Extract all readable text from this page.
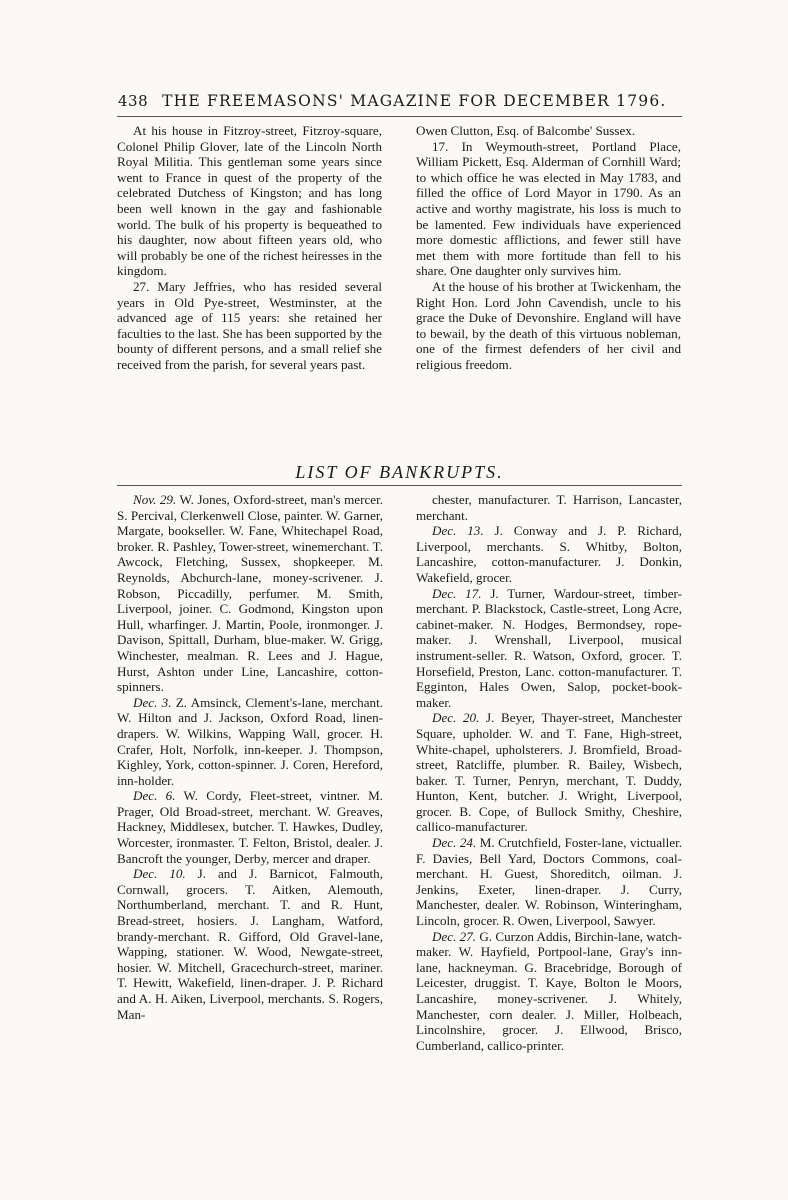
438 THE FREEMASONS' MAGAZINE FOR DECEMBER 1796.

At his house in Fitzroy-street, Fitzroy-square, Colonel Philip Glover, late of the Lincoln North Royal Militia. This gentleman some years since went to France in quest of the property of the celebrated Dutchess of Kingston; and has long been well known in the gay and fashionable world. The bulk of his property is bequeathed to his daughter, now about fifteen years old, who will probably be one of the richest heiresses in the kingdom.

27. Mary Jeffries, who has resided several years in Old Pye-street, Westminster, at the advanced age of 115 years: she retained her faculties to the last. She has been supported by the bounty of different persons, and a small relief she received from the parish, for several years past.

Owen Clutton, Esq. of Balcombe' Sussex.

17. In Weymouth-street, Portland Place, William Pickett, Esq. Alderman of Cornhill Ward; to which office he was elected in May 1783, and filled the office of Lord Mayor in 1790. As an active and worthy magistrate, his loss is much to be lamented. Few individuals have experienced more domestic afflictions, and fewer still have met them with more fortitude than fell to his share. One daughter only survives him.

At the house of his brother at Twickenham, the Right Hon. Lord John Cavendish, uncle to his grace the Duke of Devonshire. England will have to bewail, by the death of this virtuous nobleman, one of the firmest defenders of her civil and religious freedom.

LIST OF BANKRUPTS.

Nov. 29. W. Jones, Oxford-street, man's mercer. S. Percival, Clerkenwell Close, painter. W. Garner, Margate, bookseller. W. Fane, Whitechapel Road, broker. R. Pashley, Tower-street, winemerchant. T. Awcock, Fletching, Sussex, shopkeeper. M. Reynolds, Abchurch-lane, money-scrivener. J. Robson, Piccadilly, perfumer. M. Smith, Liverpool, joiner. C. Godmond, Kingston upon Hull, wharfinger. J. Martin, Poole, ironmonger. J. Davison, Spittall, Durham, blue-maker. W. Grigg, Winchester, mealman. R. Lees and J. Hague, Hurst, Ashton under Line, Lancashire, cotton-spinners.

Dec. 3. Z. Amsinck, Clement's-lane, merchant. W. Hilton and J. Jackson, Oxford Road, linen-drapers. W. Wilkins, Wapping Wall, grocer. H. Crafer, Holt, Norfolk, inn-keeper. J. Thompson, Kighley, York, cotton-spinner. J. Coren, Hereford, inn-holder.

Dec. 6. W. Cordy, Fleet-street, vintner. M. Prager, Old Broad-street, merchant. W. Greaves, Hackney, Middlesex, butcher. T. Hawkes, Dudley, Worcester, ironmaster. T. Felton, Bristol, dealer. J. Bancroft the younger, Derby, mercer and draper.

Dec. 10. J. and J. Barnicot, Falmouth, Cornwall, grocers. T. Aitken, Alemouth, Northumberland, merchant. T. and R. Hunt, Bread-street, hosiers. J. Langham, Watford, brandy-merchant. R. Gifford, Old Gravel-lane, Wapping, stationer. W. Wood, Newgate-street, hosier. W. Mitchell, Gracechurch-street, mariner. T. Hewitt, Wakefield, linen-draper. J. P. Richard and A. H. Aiken, Liverpool, merchants. S. Rogers, Man-

chester, manufacturer. T. Harrison, Lancaster, merchant.

Dec. 13. J. Conway and J. P. Richard, Liverpool, merchants. S. Whitby, Bolton, Lancashire, cotton-manufacturer. J. Donkin, Wakefield, grocer.

Dec. 17. J. Turner, Wardour-street, timber-merchant. P. Blackstock, Castle-street, Long Acre, cabinet-maker. N. Hodges, Bermondsey, rope-maker. J. Wrenshall, Liverpool, musical instrument-seller. R. Watson, Oxford, grocer. T. Horsefield, Preston, Lanc. cotton-manufacturer. T. Egginton, Hales Owen, Salop, pocket-book-maker.

Dec. 20. J. Beyer, Thayer-street, Manchester Square, upholder. W. and T. Fane, High-street, White-chapel, upholsterers. J. Bromfield, Broad-street, Ratcliffe, plumber. R. Bailey, Wisbech, baker. T. Turner, Penryn, merchant, T. Duddy, Hunton, Kent, butcher. J. Wright, Liverpool, grocer. B. Cope, of Bullock Smithy, Cheshire, callico-manufacturer.

Dec. 24. M. Crutchfield, Foster-lane, victualler. F. Davies, Bell Yard, Doctors Commons, coal-merchant. H. Guest, Shoreditch, oilman. J. Jenkins, Exeter, linen-draper. J. Curry, Manchester, dealer. W. Robinson, Winteringham, Lincoln, grocer. R. Owen, Liverpool, Sawyer.

Dec. 27. G. Curzon Addis, Birchin-lane, watch-maker. W. Hayfield, Portpool-lane, Gray's inn-lane, hackneyman. G. Bracebridge, Borough of Leicester, druggist. T. Kaye, Bolton le Moors, Lancashire, money-scrivener. J. Whitely, Manchester, corn dealer. J. Miller, Holbeach, Lincolnshire, grocer. J. Ellwood, Brisco, Cumberland, callico-printer.
